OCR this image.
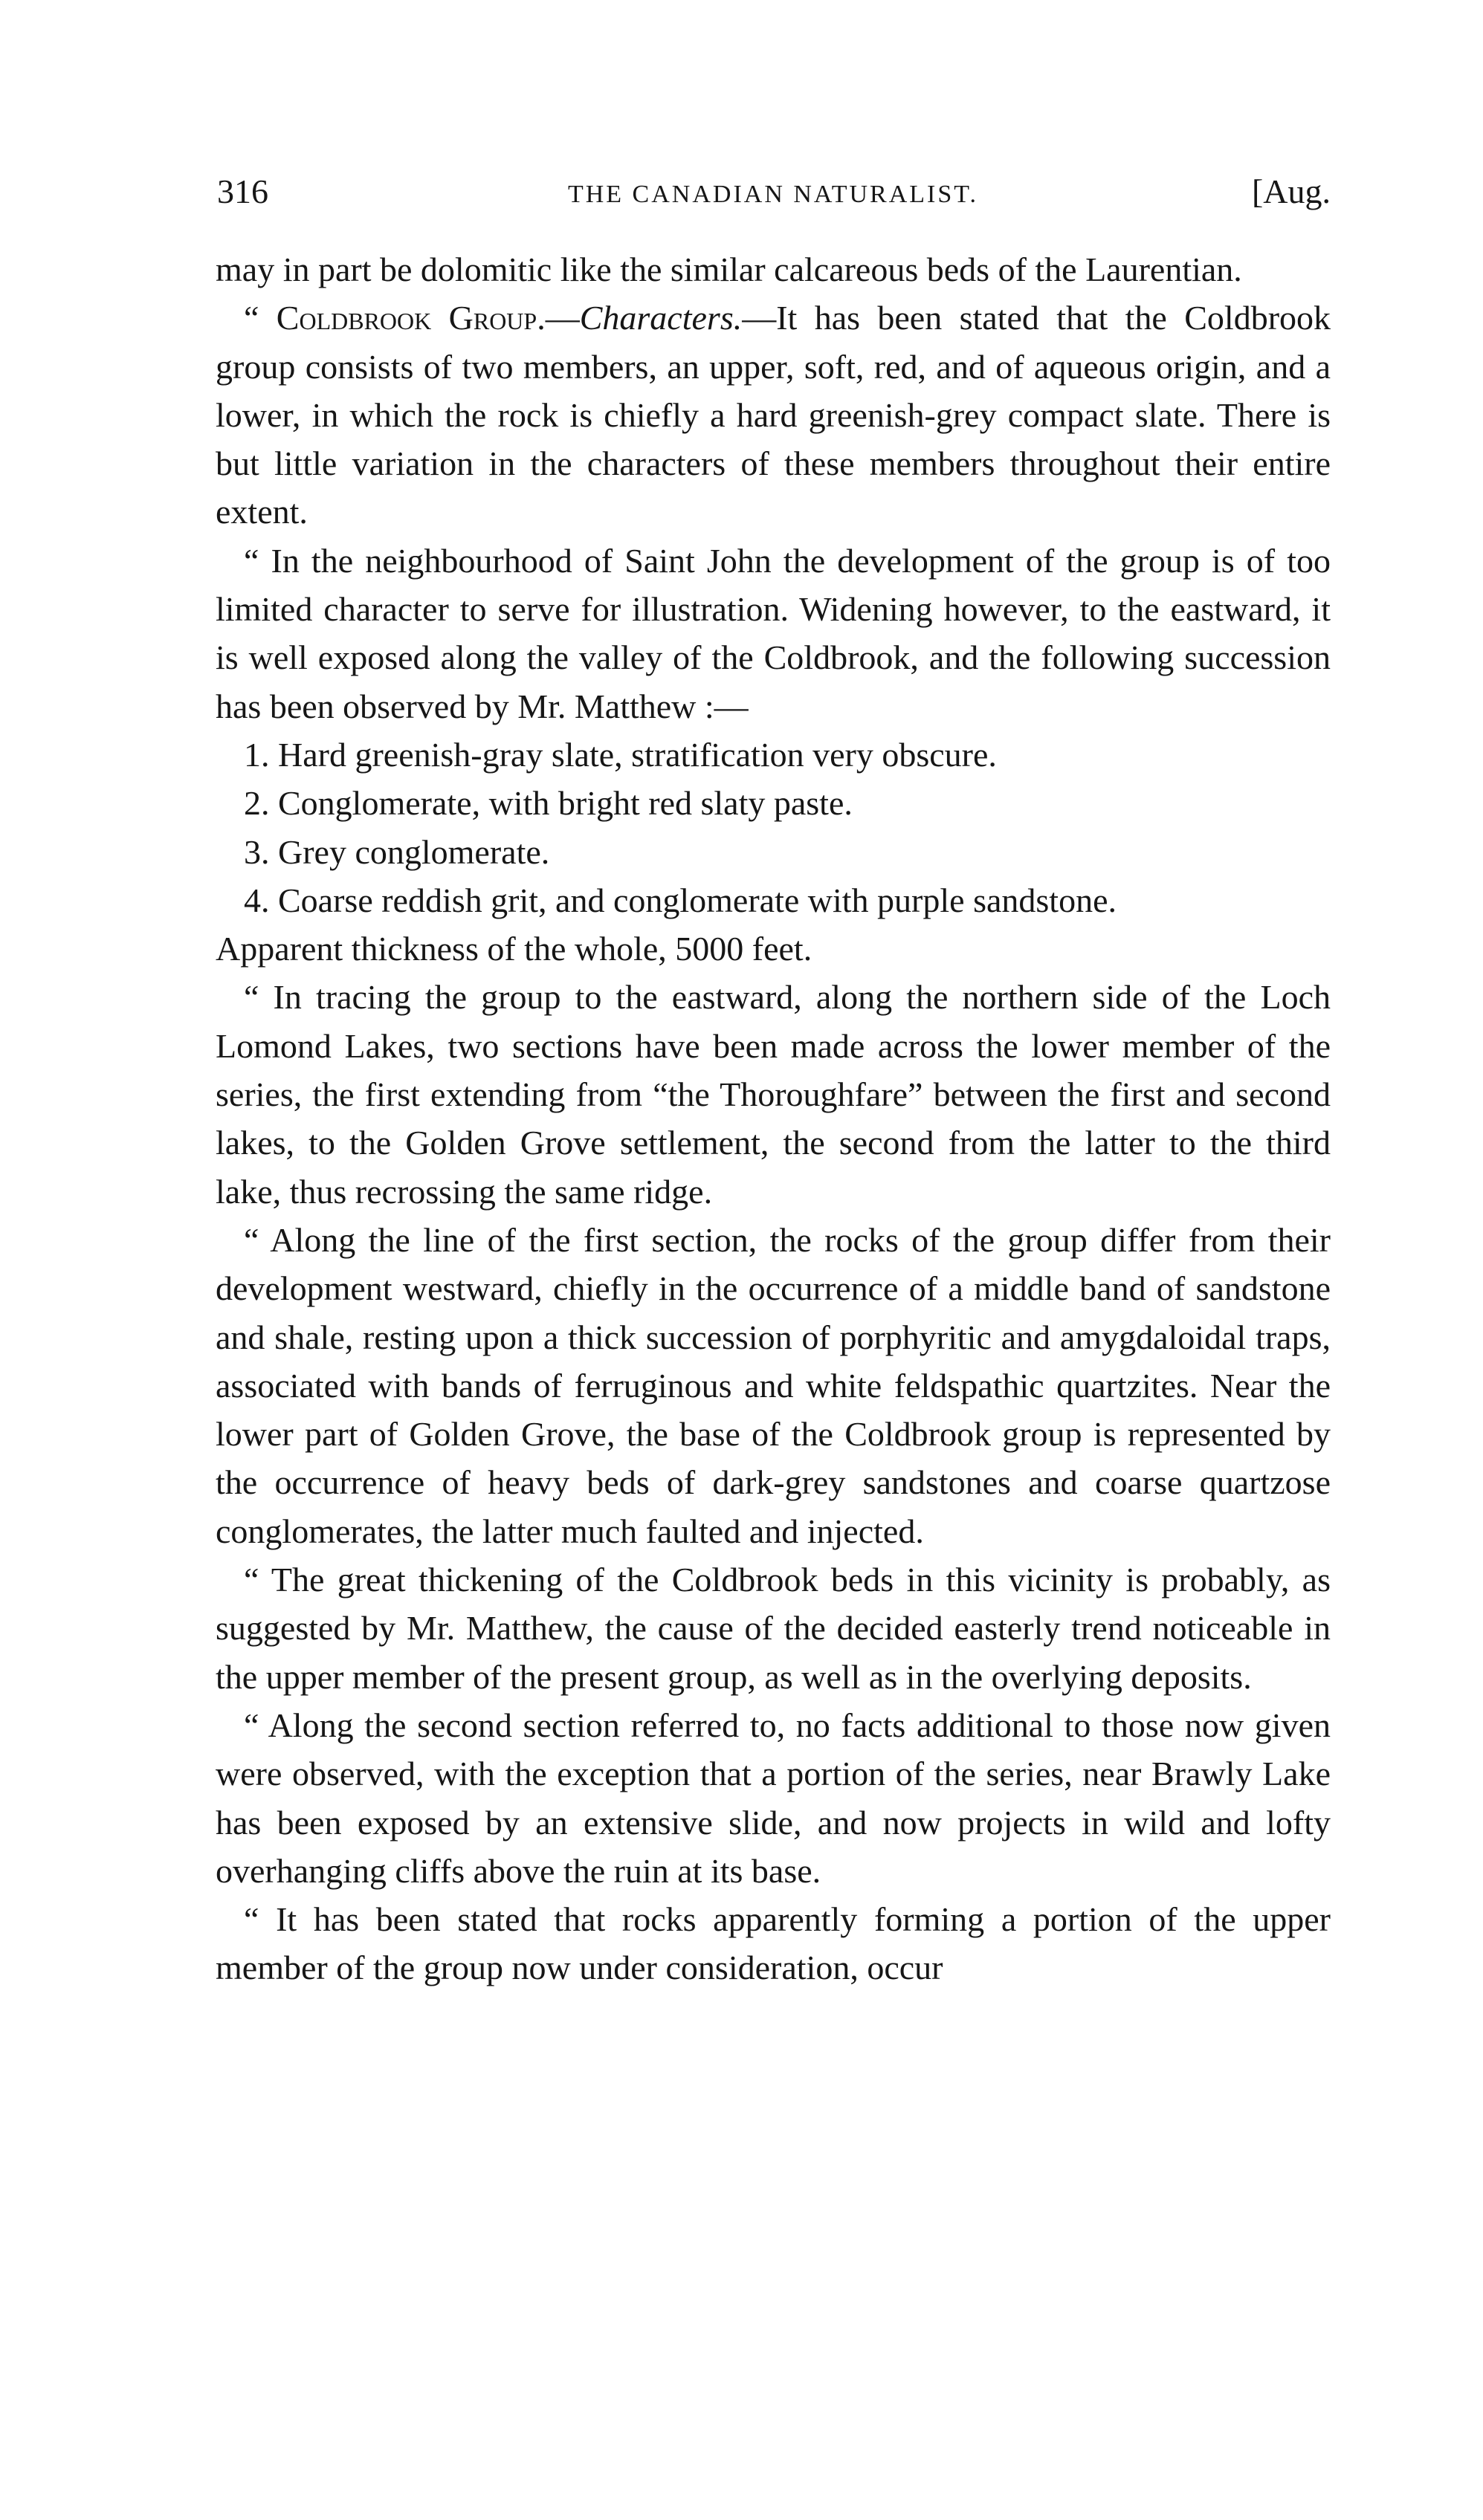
316	THE CANADIAN NATURALIST.	[Aug.

may in part be dolomitic like the similar calcareous beds of the Laurentian.

“ Coldbrook Group.—Characters.—It has been stated that the Coldbrook group consists of two members, an upper, soft, red, and of aqueous origin, and a lower, in which the rock is chiefly a hard greenish-grey compact slate. There is but little variation in the characters of these members throughout their entire extent.

“ In the neighbourhood of Saint John the development of the group is of too limited character to serve for illustration. Widening however, to the eastward, it is well exposed along the valley of the Coldbrook, and the following succession has been observed by Mr. Matthew :—

1. Hard greenish-gray slate, stratification very obscure.

2. Conglomerate, with bright red slaty paste.

3. Grey conglomerate.

4. Coarse reddish grit, and conglomerate with purple sandstone.

Apparent thickness of the whole, 5000 feet.

“ In tracing the group to the eastward, along the northern side of the Loch Lomond Lakes, two sections have been made across the lower member of the series, the first extending from “the Thoroughfare” between the first and second lakes, to the Golden Grove settlement, the second from the latter to the third lake, thus recrossing the same ridge.

“ Along the line of the first section, the rocks of the group differ from their development westward, chiefly in the occurrence of a middle band of sandstone and shale, resting upon a thick succession of porphyritic and amygdaloidal traps, associated with bands of ferruginous and white feldspathic quartzites. Near the lower part of Golden Grove, the base of the Coldbrook group is represented by the occurrence of heavy beds of dark-grey sandstones and coarse quartzose conglomerates, the latter much faulted and injected.

“ The great thickening of the Coldbrook beds in this vicinity is probably, as suggested by Mr. Matthew, the cause of the decided easterly trend noticeable in the upper member of the present group, as well as in the overlying deposits.

“ Along the second section referred to, no facts additional to those now given were observed, with the exception that a portion of the series, near Brawly Lake has been exposed by an extensive slide, and now projects in wild and lofty overhanging cliffs above the ruin at its base.

“ It has been stated that rocks apparently forming a portion of the upper member of the group now under consideration, occur
